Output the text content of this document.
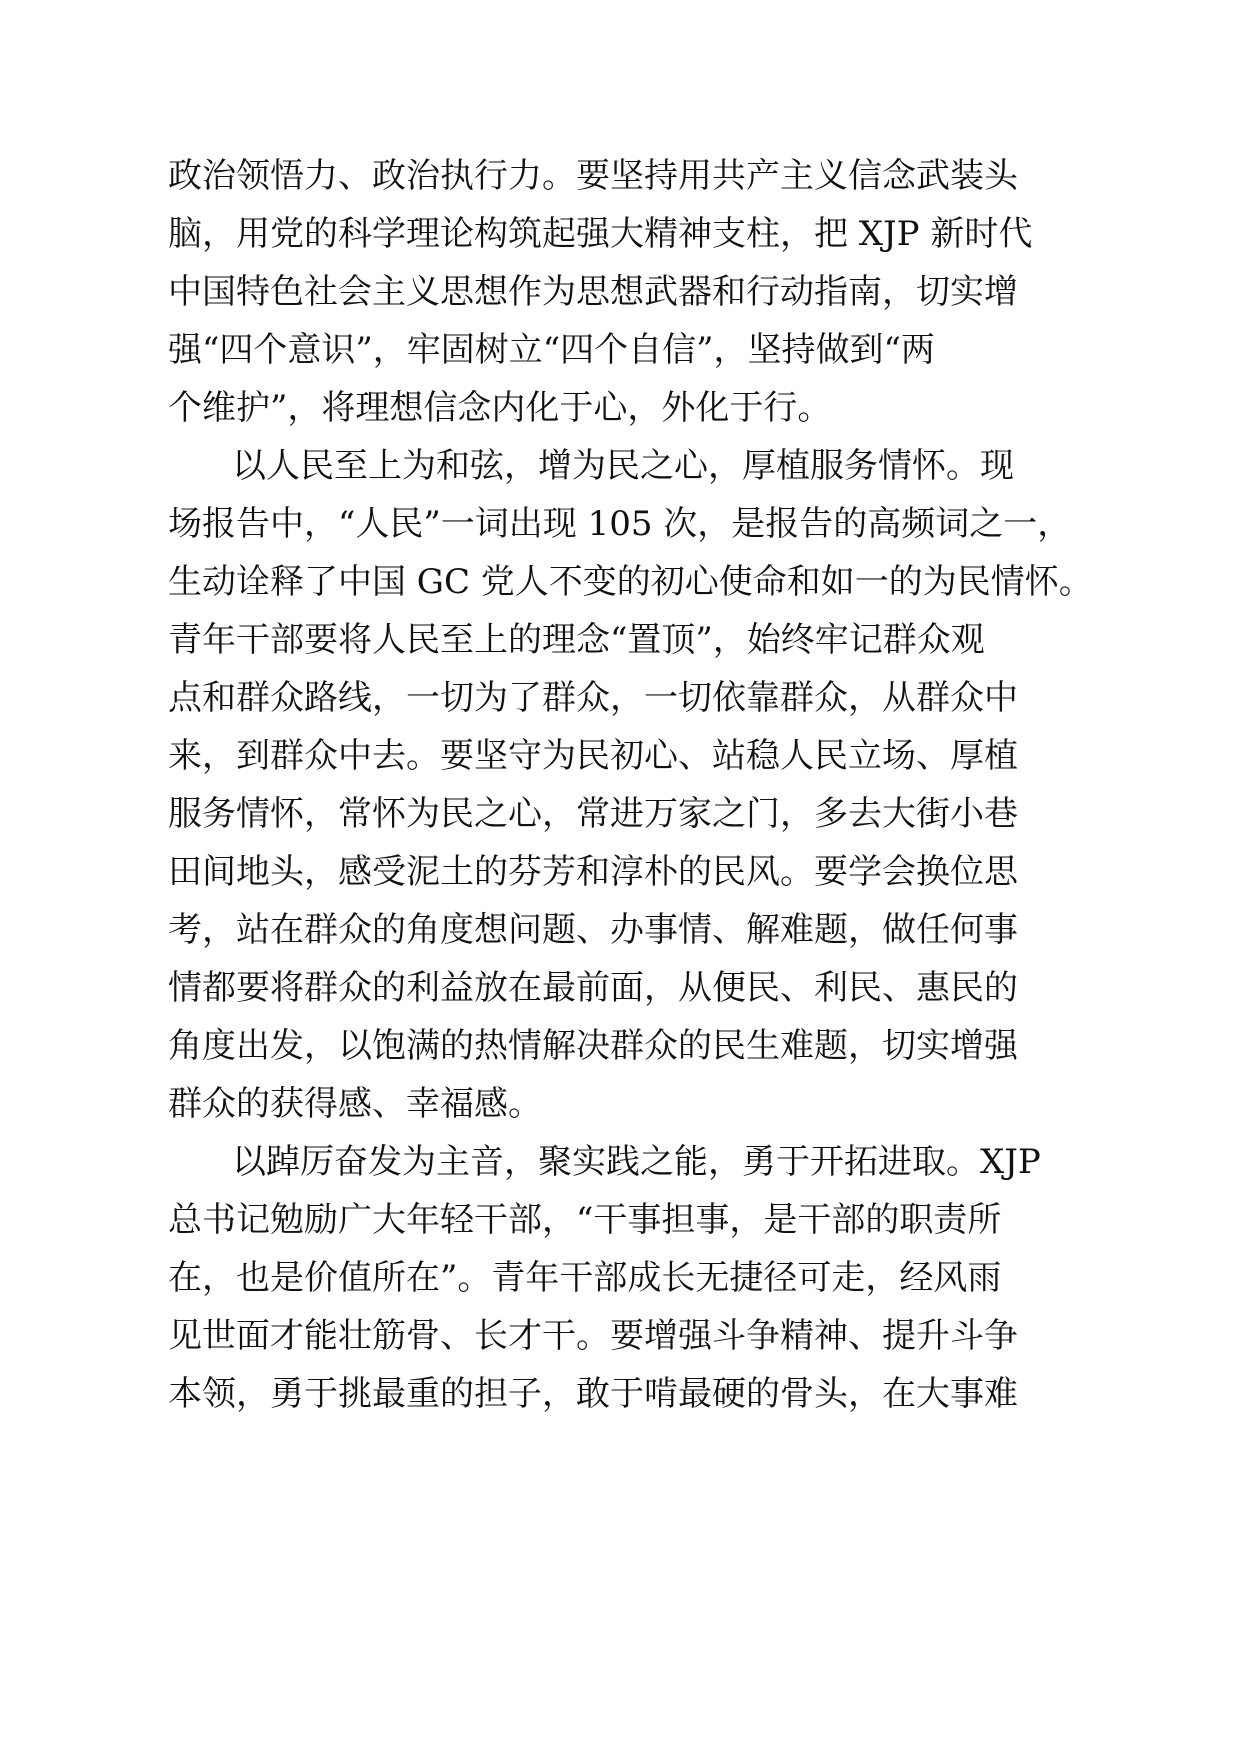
政治领悟力、政治执行力。要坚持用共产主义信念武装头

脑，用党的科学理论构筑起强大精神支柱，把 XJP 新时代

中国特色社会主义思想作为思想武器和行动指南，切实增

强“四个意识”，牢固树立“四个自信”，坚持做到“两

个维护”，将理想信念内化于心，外化于行。

以人民至上为和弦，增为民之心，厚植服务情怀。现

场报告中，“人民”一词出现 105 次，是报告的高频词之一，

生动诠释了中国 GC 党人不变的初心使命和如一的为民情怀。

青年干部要将人民至上的理念“置顶”，始终牢记群众观

点和群众路线，一切为了群众，一切依靠群众，从群众中

来，到群众中去。要坚守为民初心、站稳人民立场、厚植

服务情怀，常怀为民之心，常进万家之门，多去大街小巷

田间地头，感受泥土的芬芳和淳朴的民风。要学会换位思

考，站在群众的角度想问题、办事情、解难题，做任何事

情都要将群众的利益放在最前面，从便民、利民、惠民的

角度出发，以饱满的热情解决群众的民生难题，切实增强

群众的获得感、幸福感。

以踔厉奋发为主音，聚实践之能，勇于开拓进取。XJP

总书记勉励广大年轻干部，“干事担事，是干部的职责所

在，也是价值所在”。青年干部成长无捷径可走，经风雨

见世面才能壮筋骨、长才干。要增强斗争精神、提升斗争

本领，勇于挑最重的担子，敢于啃最硬的骨头，在大事难
